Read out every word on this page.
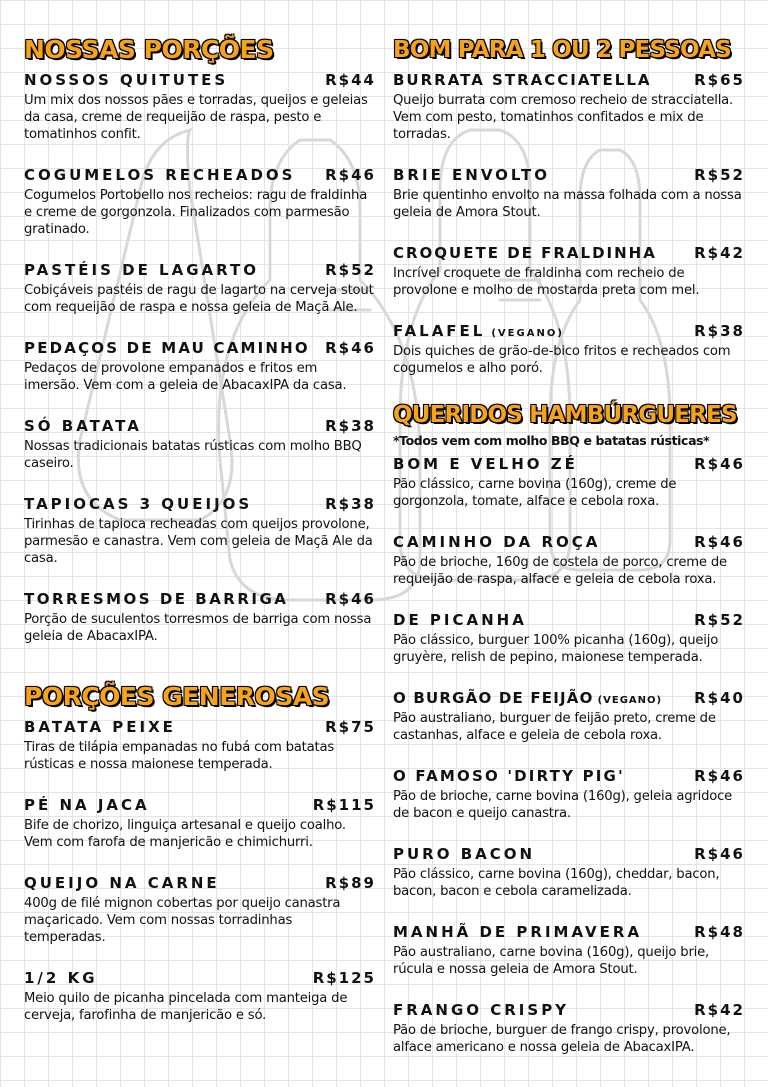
NOSSAS PORÇÕES
NOSSOS QUITUTES	R$44
Um mix dos nossos pães e torradas, queijos e geleias da casa, creme de requeijão de raspa, pesto e tomatinhos confit.
COGUMELOS RECHEADOS R$46
Cogumelos Portobello nos recheios: ragu de fraldinha e creme de gorgonzola. Finalizados com parmesão gratinado.
PASTÉIS DE LAGARTO	R$52
Cobiçáveis pastéis de ragu de lagarto na cerveja stout com requeijão de raspa e nossa geleia de Maçã Ale.
PEDAÇOS DE MAU CAMINHO R$46
Pedaços de provolone empanados e fritos em imersão. Vem com a geleia de AbacaxIPA da casa.
SÓ BATATA	R$38
Nossas tradicionais batatas rústicas com molho BBQ caseiro.
TAPIOCAS 3 QUEIJOS	R$38
Tirinhas de tapioca recheadas com queijos provolone, parmesão e canastra. Vem com geleia de Maçã Ale da casa.
TORRESMOS DE BARRIGA R$46
Porção de suculentos torresmos de barriga com nossa geleia de AbacaxIPA.
PORÇÕES GENEROSAS
BATATA PEIXE	R$75
Tiras de tilápia empanadas no fubá com batatas rústicas e nossa maionese temperada.
PÉ NA JACA	R$115
Bife de chorizo, linguiça artesanal e queijo coalho. Vem com farofa de manjericão e chimichurri.
QUEIJO NA CARNE	R$89
400g de filé mignon cobertas por queijo canastra maçaricado. Vem com nossas torradinhas temperadas.
1/2 KG	R$125
Meio quilo de picanha pincelada com manteiga de cerveja, farofinha de manjericão e só.
BOM PARA 1 OU 2 PESSOAS
BURRATA STRACCIATELLA	R$65
Queijo burrata com cremoso recheio de stracciatella. Vem com pesto, tomatinhos confitados e mix de torradas.
BRIE ENVOLTO	R$52
Brie quentinho envolto na massa folhada com a nossa geleia de Amora Stout.
CROQUETE DE FRALDINHA R$42
Incrível croquete de fraldinha com recheio de provolone e molho de mostarda preta com mel.
FALAFEL (VEGANO)	R$38
Dois quiches de grão-de-bico fritos e recheados com cogumelos e alho poró.
QUERIDOS HAMBÚRGUERES
*Todos vem com molho BBQ e batatas rústicas*
BOM E VELHO ZÉ	R$46
Pão clássico, carne bovina (160g), creme de gorgonzola, tomate, alface e cebola roxa.
CAMINHO DA ROÇA	R$46
Pão de brioche, 160g de costela de porco, creme de requeijão de raspa, alface e geleia de cebola roxa.
DE PICANHA	R$52
Pão clássico, burguer 100% picanha (160g), queijo gruyère, relish de pepino, maionese temperada.
O BURGÃO DE FEIJÃO (VEGANO) R$40
Pão australiano, burguer de feijão preto, creme de castanhas, alface e geleia de cebola roxa.
O FAMOSO 'DIRTY PIG'	R$46
Pão de brioche, carne bovina (160g), geleia agridoce de bacon e queijo canastra.
PURO BACON	R$46
Pão clássico, carne bovina (160g), cheddar, bacon, bacon, bacon e cebola caramelizada.
MANHÃ DE PRIMAVERA	R$48
Pão australiano, carne bovina (160g), queijo brie, rúcula e nossa geleia de Amora Stout.
FRANGO CRISPY	R$42
Pão de brioche, burguer de frango crispy, provolone, alface americano e nossa geleia de AbacaxIPA.
